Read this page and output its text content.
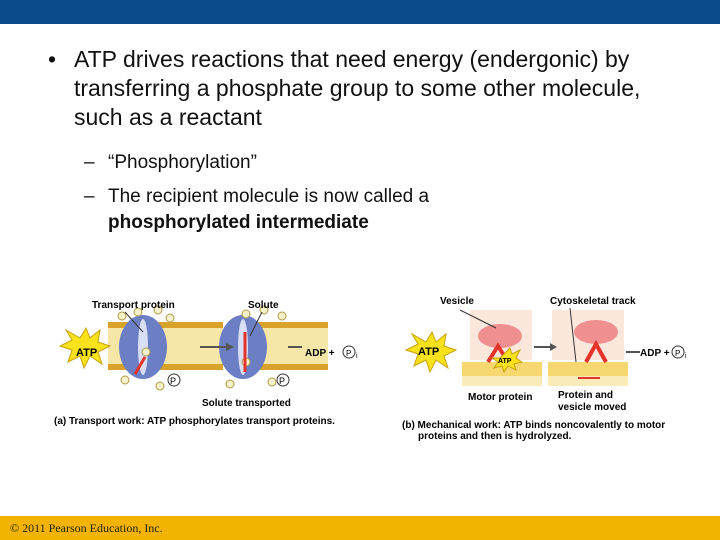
• ATP drives reactions that need energy (endergonic) by transferring a phosphate group to some other molecule, such as a reactant
– “Phosphorylation”
– The recipient molecule is now called a
phosphorylated intermediate
ATP
P	P
Transport protein	Solute
ADP + P i
Solute transported
(a) Transport work: ATP phosphorylates transport proteins.
ATP
ATP
Vesicle	Cytoskeletal track
ADP + P i
Motor protein	Protein and
vesicle moved
(b) Mechanical work: ATP binds noncovalently to motor
proteins and then is hydrolyzed.
© 2011 Pearson Education, Inc.
